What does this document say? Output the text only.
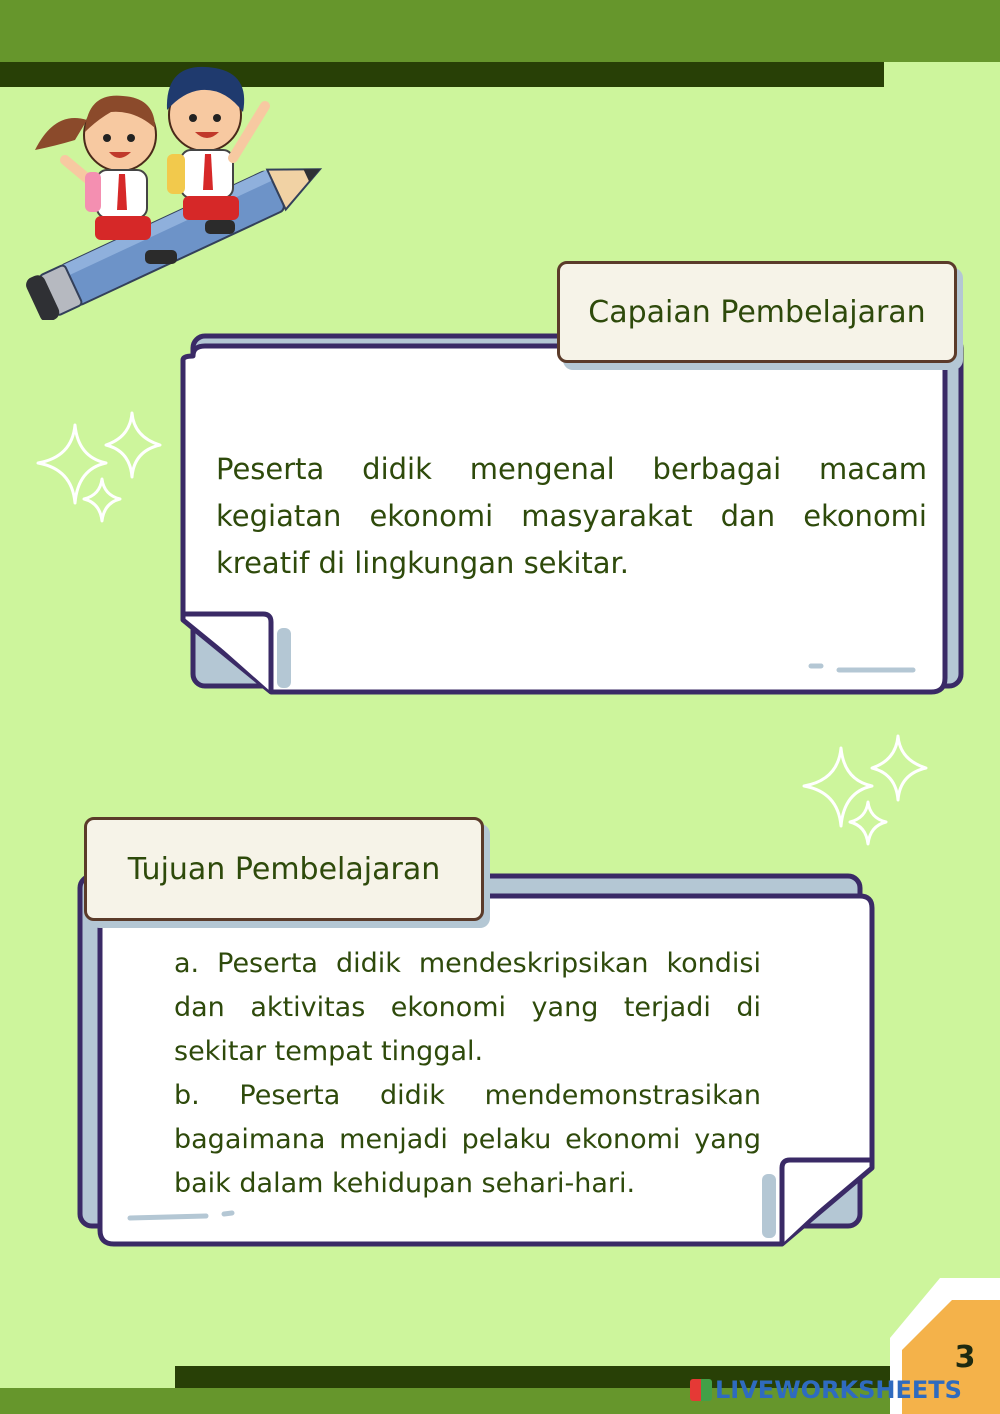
Capaian Pembelajaran
Peserta didik mengenal berbagai macam kegiatan ekonomi masyarakat dan ekonomi kreatif di lingkungan sekitar.
Tujuan Pembelajaran
a. Peserta didik mendeskripsikan kondisi dan aktivitas ekonomi yang terjadi di sekitar tempat tinggal.
b. Peserta didik mendemonstrasikan bagaimana menjadi pelaku ekonomi yang baik dalam kehidupan sehari-hari.
3
LIVEWORKSHEETS
